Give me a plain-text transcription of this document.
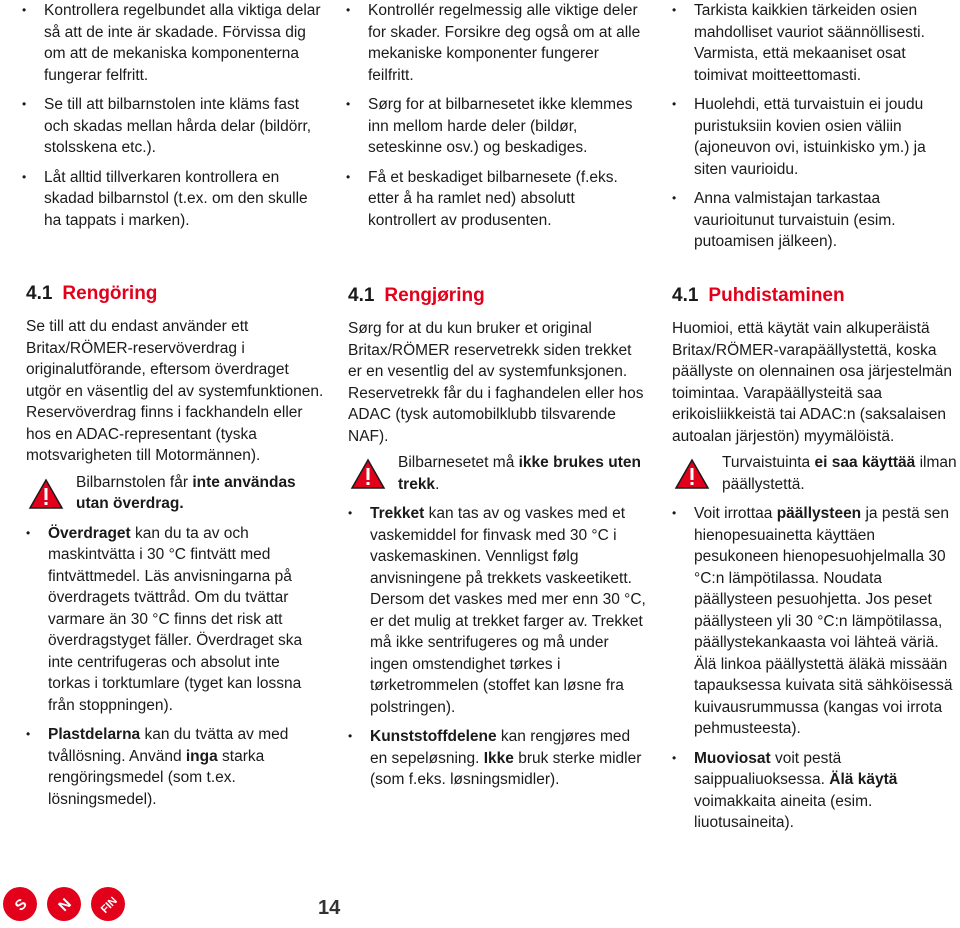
• Kontrollera regelbundet alla viktiga delar så att de inte är skadade. Förvissa dig om att de mekaniska komponenterna fungerar felfritt.
• Se till att bilbarnstolen inte kläms fast och skadas mellan hårda delar (bildörr, stolsskena etc.).
• Låt alltid tillverkaren kontrollera en skadad bilbarnstol (t.ex. om den skulle ha tappats i marken).
• Kontrollér regelmessig alle viktige deler for skader. Forsikre deg også om at alle mekaniske komponenter fungerer feilfritt.
• Sørg for at bilbarnesetet ikke klemmes inn mellom harde deler (bildør, seteskinne osv.) og beskadiges.
• Få et beskadiget bilbarnesete (f.eks. etter å ha ramlet ned) absolutt kontrollert av produsenten.
• Tarkista kaikkien tärkeiden osien mahdolliset vauriot säännöllisesti. Varmista, että mekaaniset osat toimivat moitteettomasti.
• Huolehdi, että turvaistuin ei joudu puristuksiin kovien osien väliin (ajoneuvon ovi, istuinkisko ym.) ja siten vaurioidu.
• Anna valmistajan tarkastaa vaurioitunut turvaistuin (esim. putoamisen jälkeen).
4.1 Rengöring

Se till att du endast använder ett Britax/RÖMER-reservöverdrag i originalutförande, eftersom överdraget utgör en väsentlig del av systemfunktionen. Reservöverdrag finns i fackhandeln eller hos en ADAC-representant (tyska motsvarigheten till Motormännen).

Bilbarnstolen får inte användas utan överdrag.
• Överdraget kan du ta av och maskintvätta i 30 °C fintvätt med fintvättmedel. Läs anvisningarna på överdragets tvättråd. Om du tvättar varmare än 30 °C finns det risk att överdragstyget fäller. Överdraget ska inte centrifugeras och absolut inte torkas i torktumlare (tyget kan lossna från stoppningen).
• Plastdelarna kan du tvätta av med tvållösning. Använd inga starka rengöringsmedel (som t.ex. lösningsmedel).
4.1 Rengjøring

Sørg for at du kun bruker et original Britax/RÖMER reservetrekk siden trekket er en vesentlig del av systemfunksjonen. Reservetrekk får du i faghandelen eller hos ADAC (tysk automobilklubb tilsvarende NAF).

Bilbarnesetet må ikke brukes uten trekk.
• Trekket kan tas av og vaskes med et vaskemiddel for finvask med 30 °C i vaskemaskinen. Vennligst følg anvisningene på trekkets vaskeetikett. Dersom det vaskes med mer enn 30 °C, er det mulig at trekket farger av. Trekket må ikke sentrifugeres og må under ingen omstendighet tørkes i tørketrommelen (stoffet kan løsne fra polstringen).
• Kunststoffdelene kan rengjøres med en sepeløsning. Ikke bruk sterke midler (som f.eks. løsningsmidler).
4.1 Puhdistaminen

Huomioi, että käytät vain alkuperäistä Britax/RÖMER-varapäällystettä, koska päällyste on olennainen osa järjestelmän toimintaa. Varapäällysteitä saa erikoisliikkeistä tai ADAC:n (saksalaisen autoalan järjestön) myymälöistä.

Turvaistuinta ei saa käyttää ilman päällystettä.
• Voit irrottaa päällysteen ja pestä sen hienopesuainetta käyttäen pesukoneen hienopesuohjelmalla 30 °C:n lämpötilassa. Noudata päällysteen pesuohjetta. Jos peset päällysteen yli 30 °C:n lämpötilassa, päällystekankaasta voi lähteä väriä. Älä linkoa päällystettä äläkä missään tapauksessa kuivata sitä sähköisessä kuivausrummussa (kangas voi irrota pehmusteesta).
• Muoviosat voit pestä saippualiuoksessa. Älä käytä voimakkaita aineita (esim. liuotusaineita).
S N FIN	14
